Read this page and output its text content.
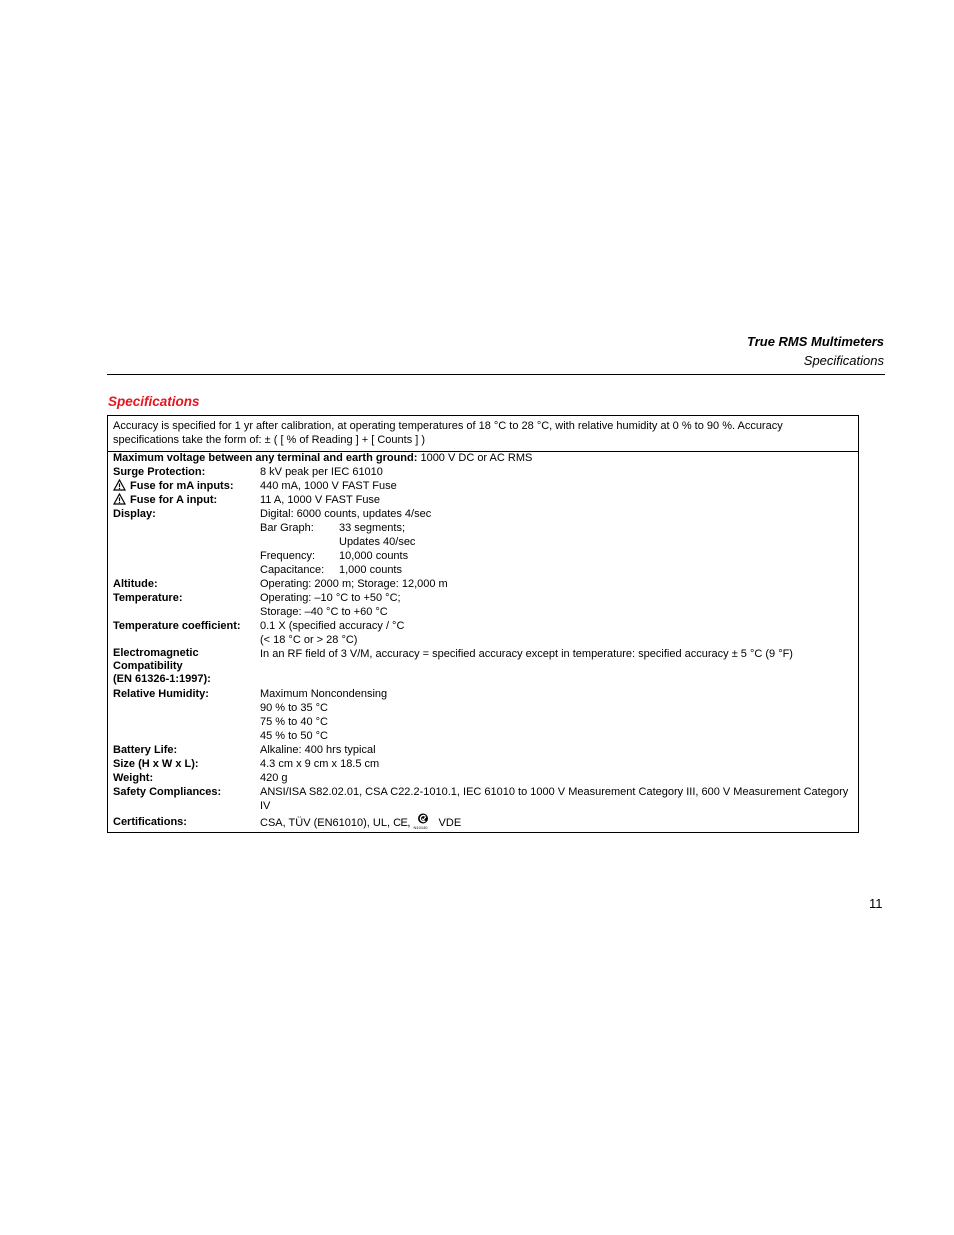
True RMS Multimeters
Specifications
Specifications
Accuracy is specified for 1 yr after calibration, at operating temperatures of 18 °C to 28 °C, with relative humidity at 0 % to 90 %. Accuracy specifications take the form of: ± ( [ % of Reading ] + [ Counts ] )
Maximum voltage between any terminal and earth ground: 1000 V DC or AC RMS
Surge Protection:	8 kV peak per IEC 61010
Fuse for mA inputs: 440 mA, 1000 V FAST Fuse
Fuse for A input:	11 A, 1000 V FAST Fuse
Display:	Digital: 6000 counts, updates 4/sec
Bar Graph: 33 segments;
Updates 40/sec
Frequency: 10,000 counts
Capacitance: 1,000 counts
Altitude:	Operating: 2000 m; Storage: 12,000 m
Temperature:	Operating: –10 °C to +50 °C;
Storage: –40 °C to +60 °C
Temperature coefficient: 0.1 X (specified accuracy / °C
(< 18 °C or > 28 °C)
Electromagnetic
Compatibility
(EN 61326-1:1997):
In an RF field of 3 V/M, accuracy = specified accuracy except in temperature: specified accuracy ± 5 °C (9 °F)
Relative Humidity:	Maximum Noncondensing
90 % to 35 °C
75 % to 40 °C
45 % to 50 °C
Battery Life:	Alkaline: 400 hrs typical
Size (H x W x L):	4.3 cm x 9 cm x 18.5 cm
Weight:	420 g
Safety Compliances:	ANSI/ISA S82.02.01, CSA C22.2-1010.1, IEC 61010 to 1000 V Measurement Category III, 600 V Measurement Category IV
Certifications:	CSA, TÜV (EN61010), UL, CE, N10140 VDE
11
